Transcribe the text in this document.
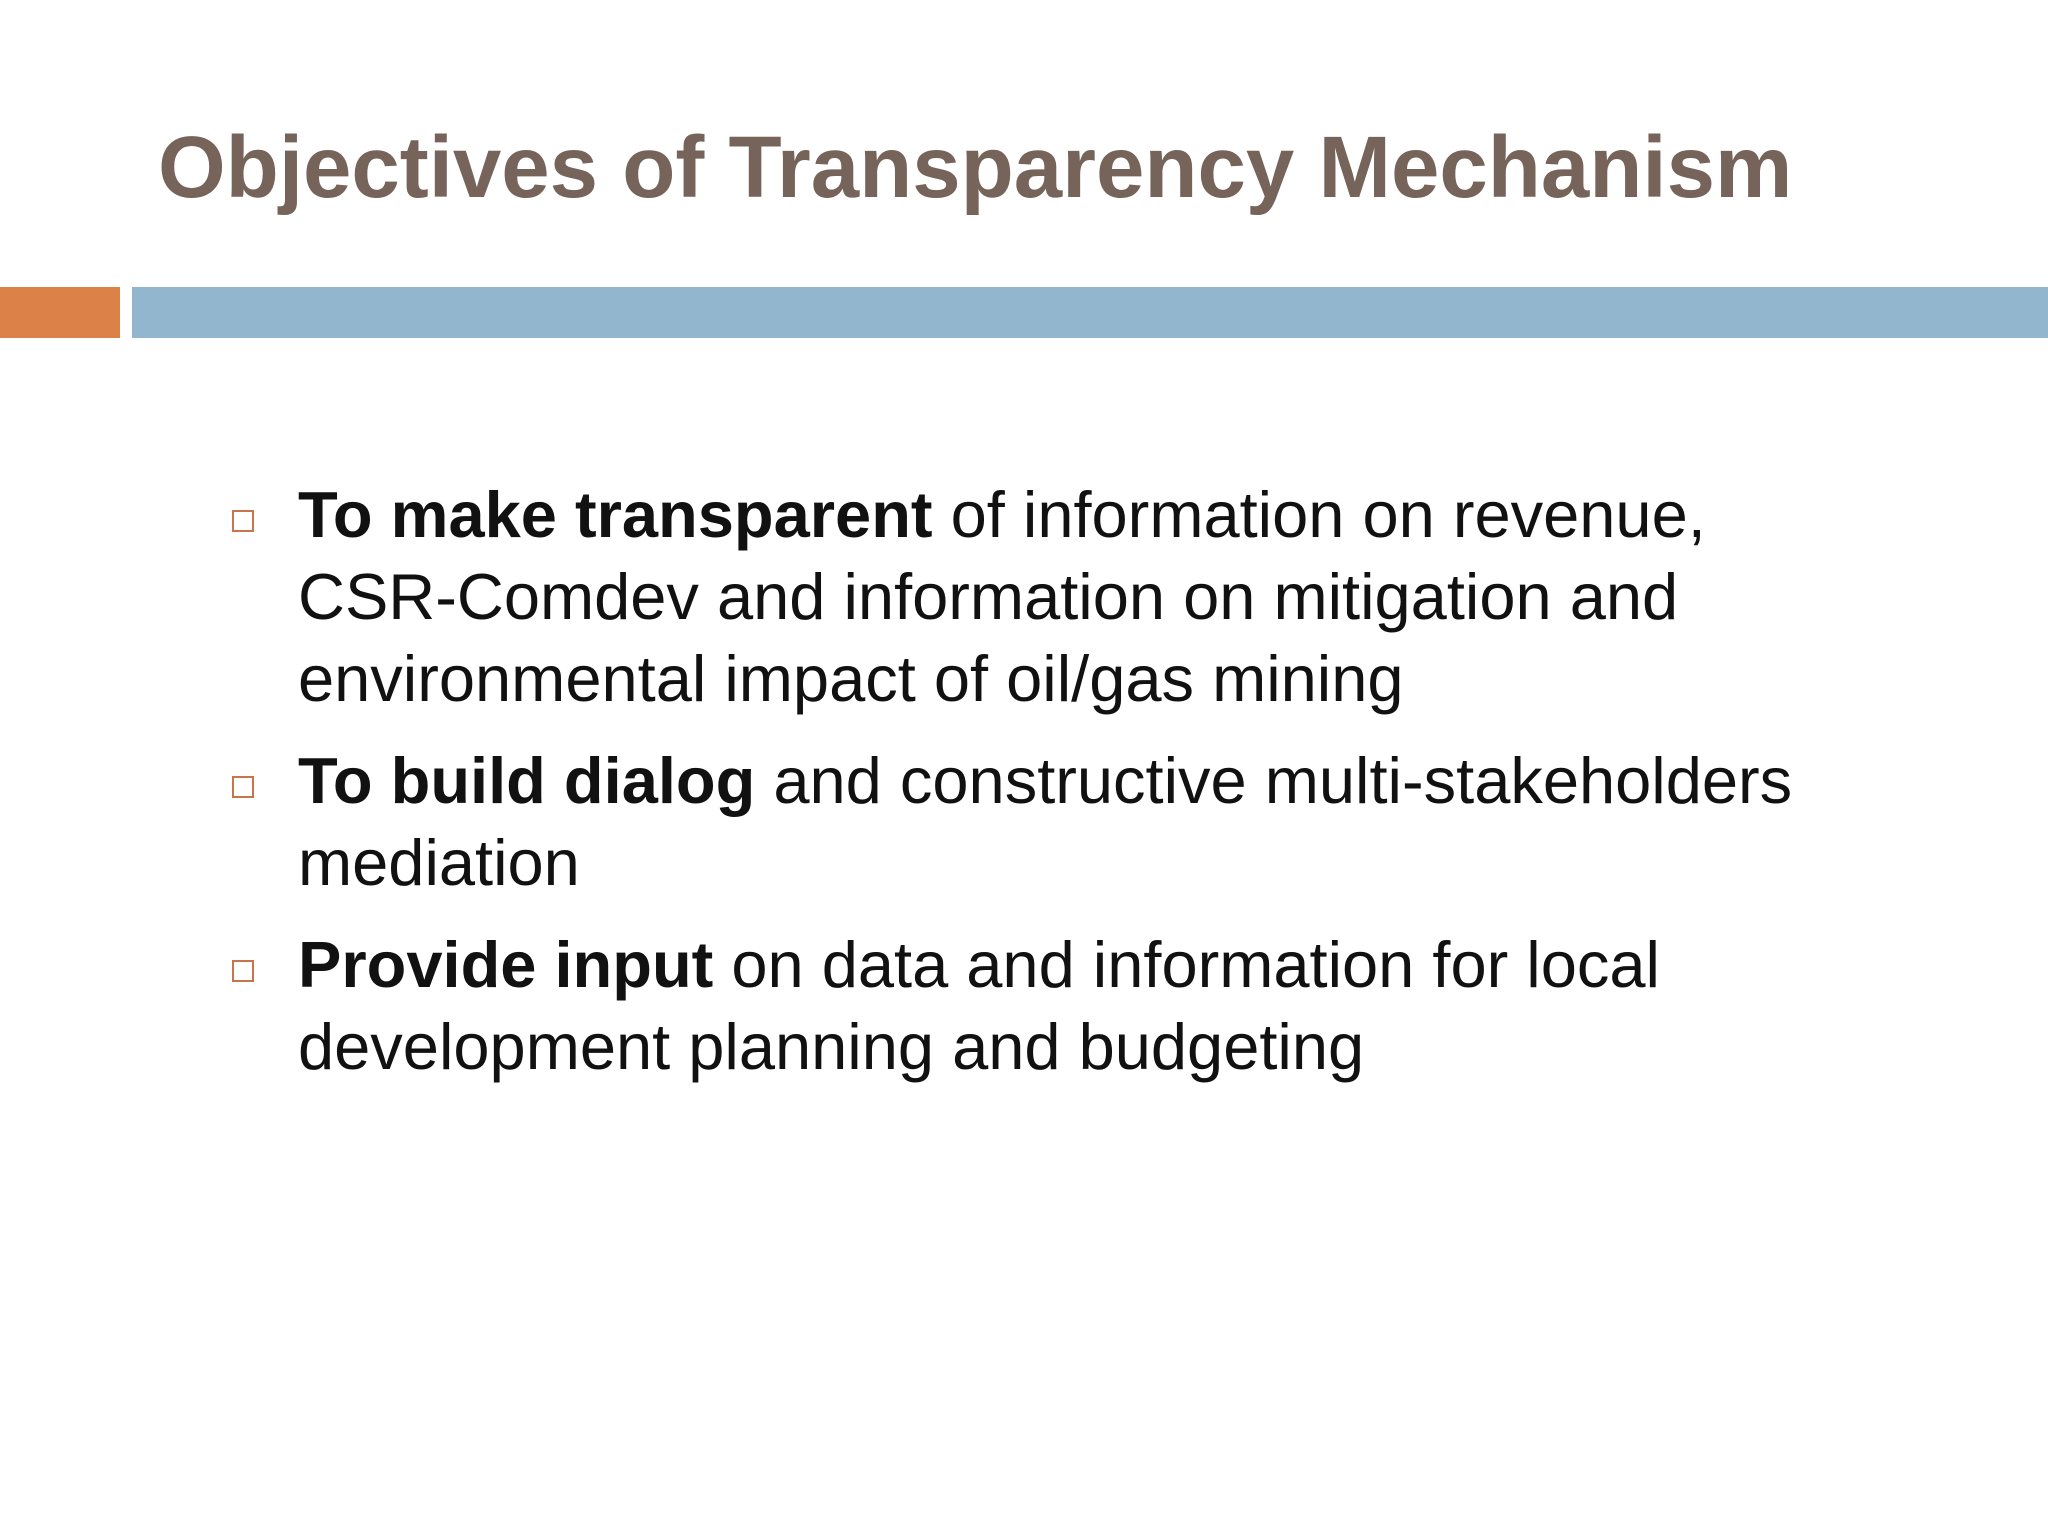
Objectives of Transparency Mechanism
To make transparent of information on revenue, CSR-Comdev and information on mitigation and environmental impact of oil/gas mining
To build dialog and constructive multi-stakeholders mediation
Provide input on data and information for local development planning and budgeting
